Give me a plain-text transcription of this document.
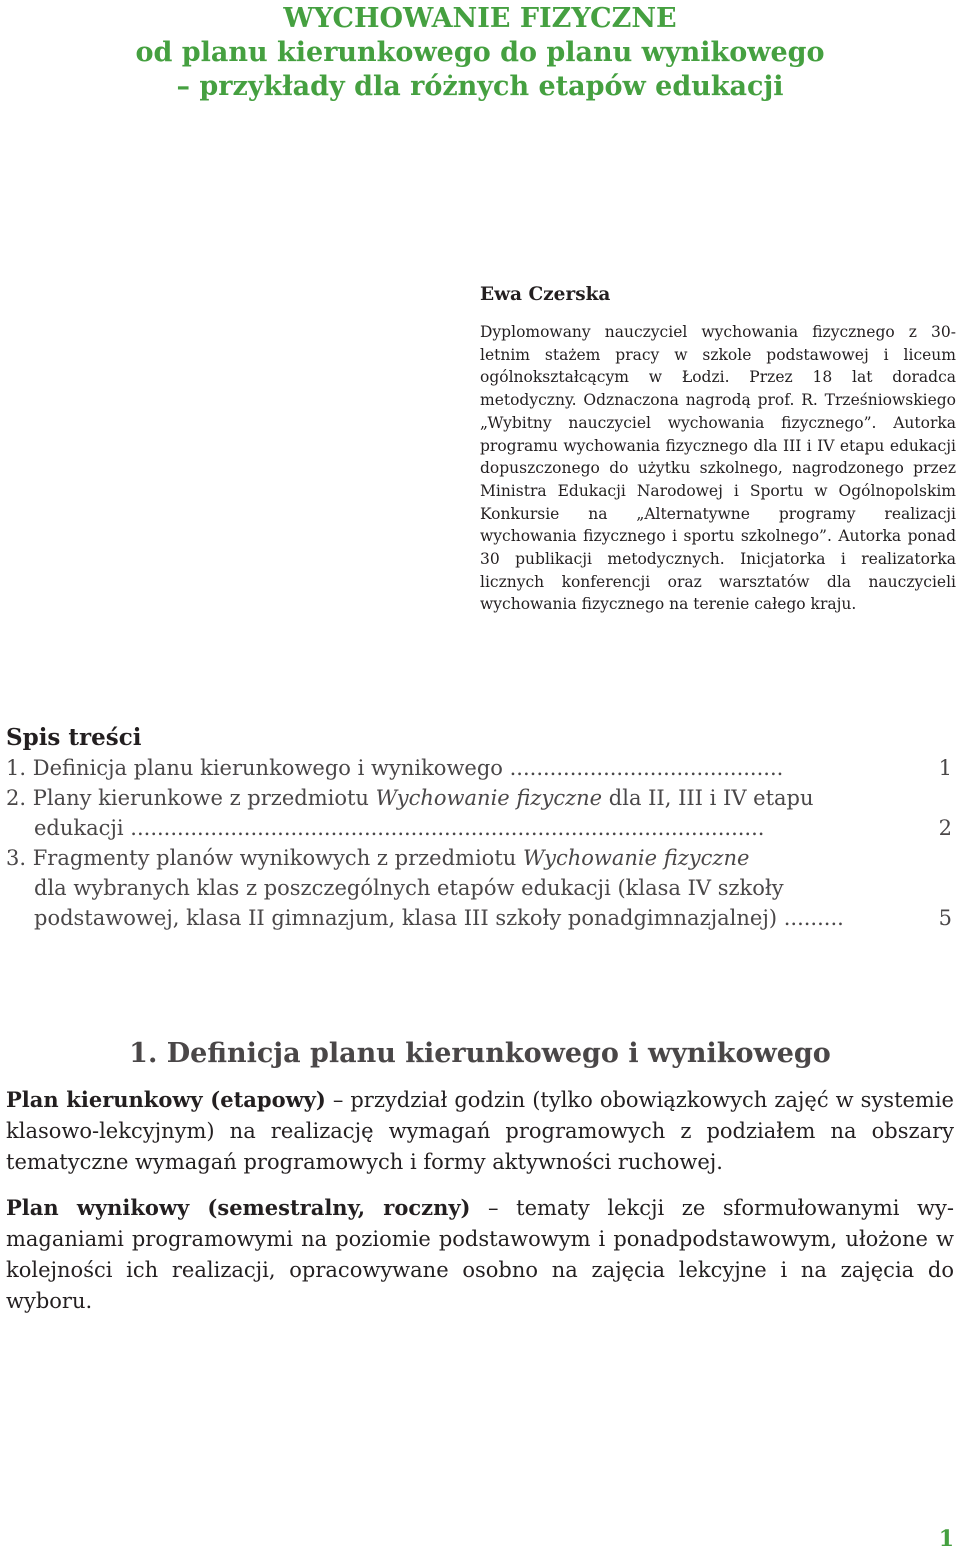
WYCHOWANIE FIZYCZNE
od planu kierunkowego do planu wynikowego
– przykłady dla różnych etapów edukacji

Ewa Czerska

Dyplomowany nauczyciel wychowania fizycznego z 30-letnim stażem pracy w szkole podstawowej i liceum ogólnokształcącym w Łodzi. Przez 18 lat doradca metodyczny. Odznaczona nagrodą prof. R. Trześniowskiego „Wybitny nauczyciel wychowania fizycznego”. Autorka programu wychowania fizycznego dla III i IV etapu edukacji dopuszczonego do użytku szkolnego, nagrodzonego przez Ministra Edukacji Narodowej i Sportu w Ogólnopolskim Konkursie na „Alternatywne programy realizacji wychowania fizycznego i sportu szkolnego”. Autorka ponad 30 publikacji metodycznych. Inicjatorka i realizatorka licznych konferencji oraz warsztatów dla nauczycieli wychowania fizycznego na terenie całego kraju.

Spis treści

1. Definicja planu kierunkowego i wynikowego .........................................	1
2. Plany kierunkowe z przedmiotu Wychowanie fizyczne dla II, III i IV etapu
edukacji ...............................................................................................	2
3. Fragmenty planów wynikowych z przedmiotu Wychowanie fizyczne
dla wybranych klas z poszczególnych etapów edukacji (klasa IV szkoły
podstawowej, klasa II gimnazjum, klasa III szkoły ponadgimnazjalnej) .........	5
1. Definicja planu kierunkowego i wynikowego

Plan kierunkowy (etapowy) – przydział godzin (tylko obowiązkowych zajęć w systemie klasowo-lekcyjnym) na realizację wymagań programowych z podziałem na obszary tematyczne wymagań programowych i formy aktywności ruchowej.

Plan wynikowy (semestralny, roczny) – tematy lekcji ze sformułowanymi wymaganiami programowymi na poziomie podstawowym i ponadpodstawowym, ułożone w kolejności ich realizacji, opracowywane osobno na zajęcia lekcyjne i na zajęcia do wyboru.

1
